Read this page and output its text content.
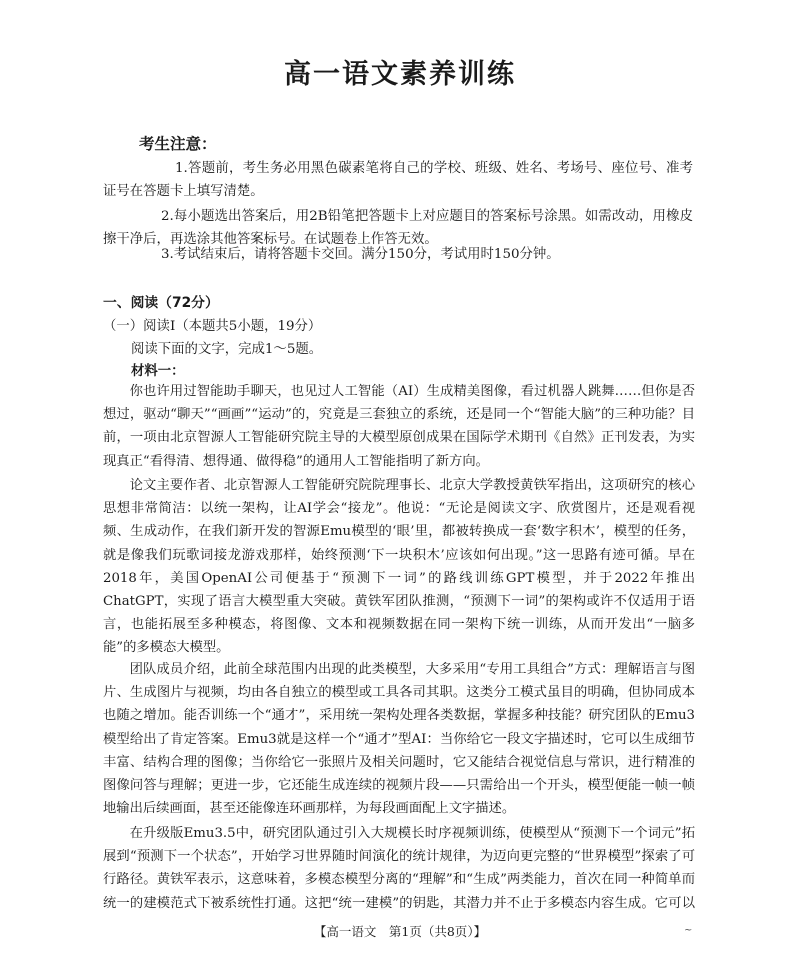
高一语文素养训练
考生注意：
1.答题前，考生务必用黑色碳素笔将自己的学校、班级、姓名、考场号、座位号、准考证号在答题卡上填写清楚。
2.每小题选出答案后，用2B铅笔把答题卡上对应题目的答案标号涂黑。如需改动，用橡皮擦干净后，再选涂其他答案标号。在试题卷上作答无效。
3.考试结束后，请将答题卡交回。满分150分，考试用时150分钟。
一、阅读（72分）
（一）阅读Ⅰ（本题共5小题，19分）
阅读下面的文字，完成1～5题。
材料一：
你也许用过智能助手聊天，也见过人工智能（AI）生成精美图像，看过机器人跳舞……但你是否想过，驱动“聊天”“画画”“运动”的，究竟是三套独立的系统，还是同一个“智能大脑”的三种功能？目前，一项由北京智源人工智能研究院主导的大模型原创成果在国际学术期刊《自然》正刊发表，为实现真正“看得清、想得通、做得稳”的通用人工智能指明了新方向。
论文主要作者、北京智源人工智能研究院院理事长、北京大学教授黄铁军指出，这项研究的核心思想非常简洁：以统一架构，让AI学会“接龙”。他说：“无论是阅读文字、欣赏图片，还是观看视频、生成动作，在我们新开发的智源Emu模型的‘眼’里，都被转换成一套‘数字积木’，模型的任务，就是像我们玩歌词接龙游戏那样，始终预测‘下一块积木’应该如何出现。”这一思路有迹可循。早在2018年，美国OpenAI公司便基于“预测下一词”的路线训练GPT模型，并于2022年推出ChatGPT，实现了语言大模型重大突破。黄铁军团队推测，“预测下一词”的架构或许不仅适用于语言，也能拓展至多种模态，将图像、文本和视频数据在同一架构下统一训练，从而开发出“一脑多能”的多模态大模型。
团队成员介绍，此前全球范围内出现的此类模型，大多采用“专用工具组合”方式：理解语言与图片、生成图片与视频，均由各自独立的模型或工具各司其职。这类分工模式虽目的明确，但协同成本也随之增加。能否训练一个“通才”，采用统一架构处理各类数据，掌握多种技能？研究团队的Emu3模型给出了肯定答案。Emu3就是这样一个“通才”型AI：当你给它一段文字描述时，它可以生成细节丰富、结构合理的图像；当你给它一张照片及相关问题时，它又能结合视觉信息与常识，进行精准的图像问答与理解；更进一步，它还能生成连续的视频片段——只需给出一个开头，模型便能一帧一帧地输出后续画面，甚至还能像连环画那样，为每段画面配上文字描述。
在升级版Emu3.5中，研究团队通过引入大规模长时序视频训练，使模型从“预测下一个词元”拓展到“预测下一个状态”，开始学习世界随时间演化的统计规律，为迈向更完整的“世界模型”探索了可行路径。黄铁军表示，这意味着，多模态模型分离的“理解”和“生成”两类能力，首次在同一种简单而统一的建模范式下被系统性打通。这把“统一建模”的钥匙，其潜力并不止于多模态内容生成。它可以
【高一语文　第1页（共8页）】	~
